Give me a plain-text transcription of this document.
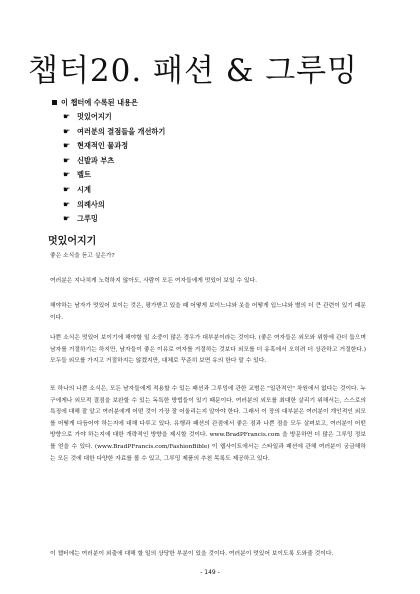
챕터20. 패션 & 그루밍
이 챕터에 수록된 내용은
☛ 멋있어지기
☛ 여러분의 결점들을 개선하기
☛ 현재적인 물과정
☛ 신발과 부츠
☛ 벨트
☛ 시계
☛ 의례사의
☛ 그루밍
멋있어지기

좋은 소식을 듣고 싶은가?

여러분은 지나치게 노력하지 않아도, 사람이 모든 여자들에게 멋있어 보일 수 있다.

해야하는 남자가 멋있어 보이는 것은, 평가받고 있을 때 어떻게 보이느냐와 옷을 어떻게 입느냐와 별의 더 큰 관련이 있기 때문이다.

나쁜 소식은 멋있어 보이기에 해야할 일 소중이 많은 경우가 대부분이라는 것이다. (좋은 여자들은 외모와 위함에 관더 둡으며 남자를 거절하기는 하지만, 남자들이 좋은 이유로 여자를 거절하는 것보다 외모를 더 유혹에서 오히려 더 상관하고 거절한다.) 모두들 외모를 가지고 거절하지는 않겠지만, 대체로 꾸준히 보면 유의 한다 말 수 있다.

또 하나의 나쁜 소식은, 모든 남자들에게 적용할 수 있는 패션과 그루밍에 관한 교범은 "일관적인" 차원에서 없다는 것이다. 누구에게나 외모적 결점을 보완할 수 있는 독특한 방법들이 있기 때문이다. 여러분의 외모를 최대한 살리기 위해서는, 스스로의 특징에 대해 잘 알고 여러분에게 어떤 것이 가장 잘 어울리는지 알아야 한다. 그래서 이 장의 대부분은 여러분이 개인적인 외모를 어떻게 다듬어야 하는지에 대해 다루고 있다. 유행과 패션의 관점에서 좋은 점과 나쁜 점을 모두 살펴보고, 여러분이 어떤 방향으로 가야 하는지에 대한 개략적인 방향을 제시할 것이다. www.BradPFrancis.com 을 방문하면 더 많은 그루밍 정보를 얻을 수 있다. (www.BradPFrancis.com/FashionBible) 이 웹사이트에서는 스타일과 패션에 관해 여러분이 궁금해하는 모든 것에 대한 다양한 자료를 볼 수 있고, 그루밍 제품의 추천 목록도 제공하고 있다.

이 챕터에는 여러분이 외출에 대해 할 일의 상당한 부분이 있을 것이다. 여러분이 멋있어 보이도록 도와줄 것이다.

- 149 -
